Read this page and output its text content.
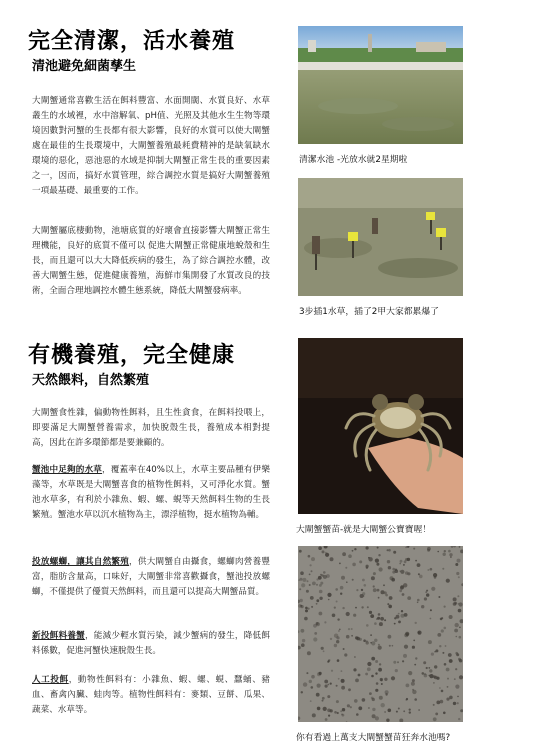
完全清潔，活水養殖
清池避免細菌孳生
大閘蟹通常喜歡生活在餌料豐富、水面開闊、水質良好、水草叢生的水域裡，水中溶解氧、pH值、光照及其他水生生物等環境因數對河蟹的生長都有很大影響，良好的水質可以使大閘蟹處在最佳的生長環境中，大閘蟹養殖最耗費精神的是缺氧缺水環境的惡化，惡池惡的水域是抑制大閘蟹正常生長的重要因素之一，因而，搞好水質管理，綜合調控水質是搞好大閘蟹養殖一項最基礎、最重要的工作。
大閘蟹屬底棲動物，池塘底質的好壞會直接影響大閘蟹正常生理機能，良好的底質不僅可以 促進大閘蟹正常健康地蛻殼和生長，而且還可以大大降低疾病的發生，為了綜合調控水體，改善大閘蟹生態，促進健康養殖，海鮮市集開發了水質改良的技術，全面合理地調控水體生態系統，降低大閘蟹發病率。
清潔水池 -光放水就2星期啦
3步插1水草，插了2甲大家都累爆了
有機養殖，完全健康
天然餵料，自然繁殖
大閘蟹食性雜，偏動物性餌料，且生性貪食，在餌料投喂上，即要滿足大閘蟹營養需求，加快脫殼生長，養殖成本相對提高，因此在許多環節都是要兼顧的。
蟹池中足夠的水草，覆蓋率在40%以上，水草主要品種有伊樂藻等，水草既是大閘蟹喜食的植物性餌料，又可淨化水質。蟹池水草多，有利於小雜魚、蝦、螺、蜆等天然餌料生物的生長繁殖。蟹池水草以沉水植物為主，漂浮植物，挺水植物為輔。
投放螺螄，讓其自然繁殖，供大閘蟹自由攝食，螺螄肉營養豐富，脂肪含量高，口味好，大閘蟹非常喜歡攝食，蟹池投放螺螄，不僅提供了優質天然餌料，而且還可以提高大閘蟹品質。
新投餌料養蟹，能減少輕水質污染，減少蟹病的發生，降低餌料係數，促進河蟹快速脫殼生長。
人工投餌，動物性餌料有：小雜魚、蝦、螺、蜆、蠶蛹、豬血、畜禽內臟、蛙肉等。植物性餌料有：麥類、豆餅、瓜果、蔬菜、水草等。
大閘蟹蟹苗-就是大閘蟹公寶寶喔！
你有看過上萬支大閘蟹蟹苗狂奔水池嗎?
